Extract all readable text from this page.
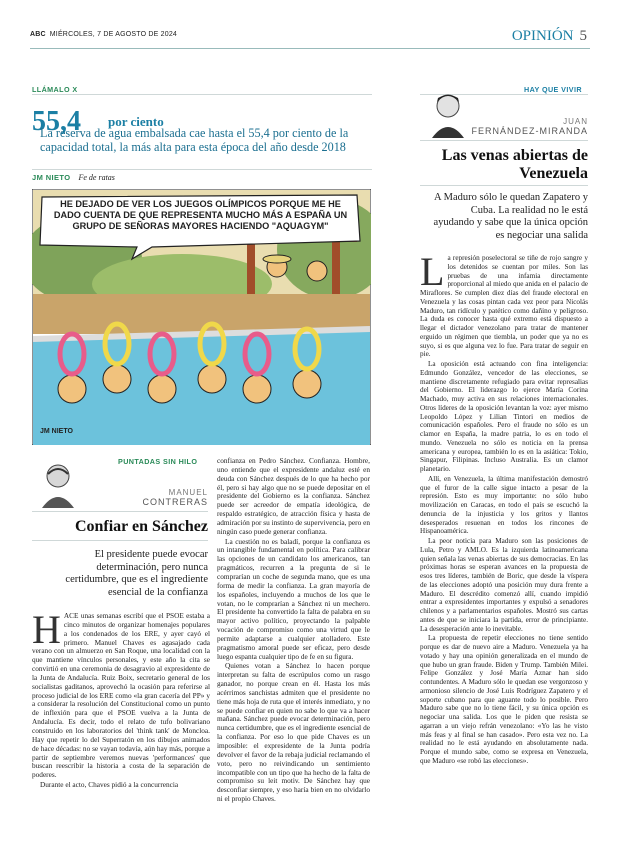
ABC MIÉRCOLES, 7 DE AGOSTO DE 2024	OPINIÓN 5
LLÁMALO X
55,4 por ciento
La reserva de agua embalsada cae hasta el 55,4 por ciento de la capacidad total, la más alta para esta época del año desde 2018
JM NIETO Fe de ratas
HE DEJADO DE VER LOS JUEGOS OLÍMPICOS PORQUE ME HE DADO CUENTA DE QUE REPRESENTA MUCHO MÁS A ESPAÑA UN GRUPO DE SEÑORAS MAYORES HACIENDO "AQUAGYM"
JM NIETO
PUNTADAS SIN HILO
MANUEL
CONTRERAS
Confiar en Sánchez
El presidente puede evocar determinación, pero nunca certidumbre, que es el ingrediente esencial de la confianza

HACE unas semanas escribí que el PSOE estaba a cinco minutos de organizar homenajes populares a los condenados de los ERE, y ayer cayó el primero. Manuel Chaves es agasajado cada verano con un almuerzo en San Roque, una localidad con la que mantiene vínculos personales, y este año la cita se convirtió en una ceremonia de desagravio al expresidente de la Junta de Andalucía. Ruiz Boix, secretario general de los socialistas gaditanos, aprovechó la ocasión para referirse al proceso judicial de los ERE como «la gran cacería del PP» y a considerar la resolución del Constitucional como un punto de inflexión para que el PSOE vuelva a la Junta de Andalucía. Es decir, todo el relato de tufo bolivariano construido en los laboratorios del 'think tank' de Moncloa. Hay que repetir lo del Superratón en los dibujos animados de hace décadas: no se vayan todavía, aún hay más, porque a partir de septiembre veremos nuevas 'performances' que buscan reescribir la historia a costa de la separación de poderes.

Durante el acto, Chaves pidió a la concurrencia

confianza en Pedro Sánchez. Confianza. Hombre, uno entiende que el expresidente andaluz esté en deuda con Sánchez después de lo que ha hecho por él, pero si hay algo que no se puede depositar en el presidente del Gobierno es la confianza. Sánchez puede ser acreedor de empatía ideológica, de respaldo estratégico, de atracción física y hasta de admiración por su instinto de supervivencia, pero en ningún caso puede generar confianza.

La cuestión no es baladí, porque la confianza es un intangible fundamental en política. Para calibrar las opciones de un candidato los americanos, tan pragmáticos, recurren a la pregunta de si le comprarían un coche de segunda mano, que es una forma de medir la confianza. La gran mayoría de los españoles, incluyendo a muchos de los que le votan, no le comprarían a Sánchez ni un mechero. El presidente ha convertido la falta de palabra en su mayor activo político, proyectando la palpable vocación de compromiso como una virtud que le permite adaptarse a cualquier atolladero. Este pragmatismo amoral puede ser eficaz, pero desde luego espanta cualquier tipo de fe en su figura.

Quienes votan a Sánchez lo hacen porque interpretan su falta de escrúpulos como un rasgo ganador, no porque crean en él. Hasta los más acérrimos sanchistas admiten que el presidente no tiene más hoja de ruta que el interés inmediato, y no se puede confiar en quien no sabe lo que va a hacer mañana. Sánchez puede evocar determinación, pero nunca certidumbre, que es el ingrediente esencial de la confianza. Por eso lo que pide Chaves es un imposible: el expresidente de la Junta podría devolver el favor de la rebaja judicial reclamando el voto, pero no reivindicando un sentimiento incompatible con un tipo que ha hecho de la falta de compromiso su leit motiv. De Sánchez hay que desconfiar siempre, y eso haría bien en no olvidarlo ni el propio Chaves.

HAY QUE VIVIR
JUAN
FERNÁNDEZ-MIRANDA
Las venas abiertas de Venezuela
A Maduro sólo le quedan Zapatero y Cuba. La realidad no le está ayudando y sabe que la única opción es negociar una salida

La represión poselectoral se tiñe de rojo sangre y los detenidos se cuentan por miles. Son las pruebas de una infamia directamente proporcional al miedo que anida en el palacio de Miraflores. Se cumplen diez días del fraude electoral en Venezuela y las cosas pintan cada vez peor para Nicolás Maduro, tan ridículo y patético como dañino y peligroso. La duda es conocer hasta qué extremo está dispuesto a llegar el dictador venezolano para tratar de mantener erguido un régimen que tiembla, un poder que ya no es suyo, si es que alguna vez lo fue. Para tratar de seguir en pie.

La oposición está actuando con fina inteligencia: Edmundo González, vencedor de las elecciones, se mantiene discretamente refugiado para evitar represalias del Gobierno. El liderazgo lo ejerce María Corina Machado, muy activa en sus relaciones internacionales. Otros líderes de la oposición levantan la voz: ayer mismo Leopoldo López y Lilian Tintori en medios de comunicación españoles. Pero el fraude no sólo es un clamor en España, la madre patria, lo es en todo el mundo. Venezuela no sólo es noticia en la prensa americana y europea, también lo es en la asiática: Tokio, Singapur, Filipinas. Incluso Australia. Es un clamor planetario.

Allí, en Venezuela, la última manifestación demostró que el furor de la calle sigue intacto a pesar de la represión. Esto es muy importante: no sólo hubo movilización en Caracas, en todo el país se escuchó la denuncia de la injusticia y los gritos y llantos desesperados resuenan en todos los rincones de Hispanoamérica.

La peor noticia para Maduro son las posiciones de Lula, Petro y AMLO. Es la izquierda latinoamericana quien señala las venas abiertas de sus democracias. En las próximas horas se esperan avances en la propuesta de esos tres líderes, también de Boric, que desde la víspera de las elecciones adoptó una posición muy dura frente a Maduro. El descrédito comenzó allí, cuando impidió entrar a expresidentes importantes y expulsó a senadores chilenos y a parlamentarios españoles. Mostró sus cartas antes de que se iniciara la partida, error de principiante. La desesperación ante lo inevitable.

La propuesta de repetir elecciones no tiene sentido porque es dar de nuevo aire a Maduro. Venezuela ya ha votado y hay una opinión generalizada en el mundo de que hubo un gran fraude. Biden y Trump. También Milei. Felipe González y José María Aznar han sido contundentes. A Maduro sólo le quedan ese vergonzoso y armonioso silencio de José Luis Rodríguez Zapatero y el soporte cubano para que aguante todo lo posible. Pero Maduro sabe que no lo tiene fácil, y su única opción es negociar una salida. Los que le piden que resista se agarran a un viejo refrán venezolano: «Yo las he visto más feas y al final se han casado». Pero esta vez no. La realidad no le está ayudando en absolutamente nada. Porque el mundo sabe, como se expresa en Venezuela, que Maduro «se robó las elecciones».
